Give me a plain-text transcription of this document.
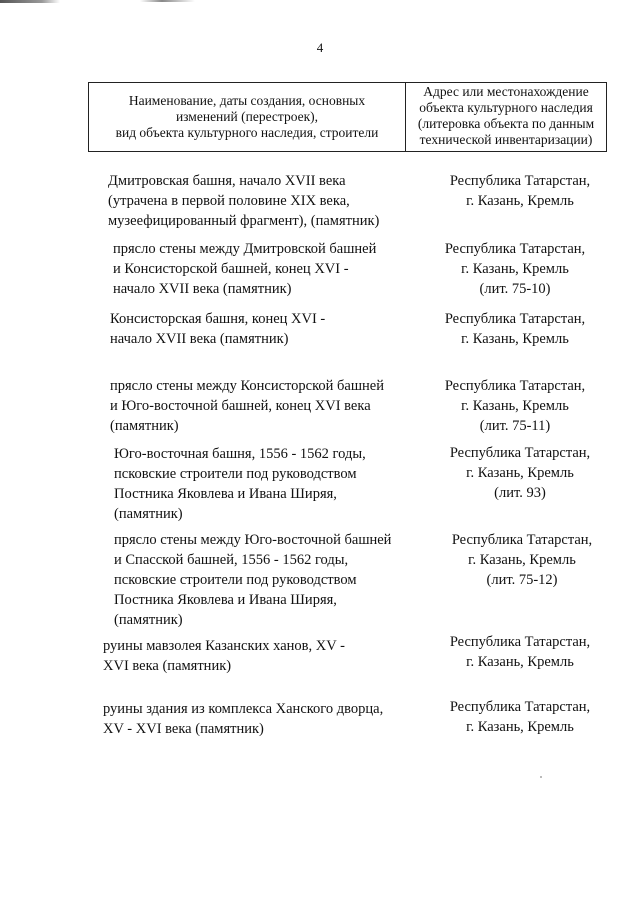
4
Наименование, даты создания, основных
изменений (перестроек),
вид объекта культурного наследия, строители
Адрес или местонахождение
объекта культурного наследия
(литеровка объекта по данным
технической инвентаризации)
Дмитровская башня, начало XVII века
(утрачена в первой половине XIX века,
музеефицированный фрагмент), (памятник)
Республика Татарстан,
г. Казань, Кремль
прясло стены между Дмитровской башней
и Консисторской башней, конец XVI -
начало XVII века (памятник)
Республика Татарстан,
г. Казань, Кремль
(лит. 75-10)
Консисторская башня, конец XVI -
начало XVII века (памятник)
Республика Татарстан,
г. Казань, Кремль
прясло стены между Консисторской башней
и Юго-восточной башней, конец XVI века
(памятник)
Республика Татарстан,
г. Казань, Кремль
(лит. 75-11)
Юго-восточная башня, 1556 - 1562 годы,
псковские строители под руководством
Постника Яковлева и Ивана Ширяя,
(памятник)
Республика Татарстан,
г. Казань, Кремль
(лит. 93)
прясло стены между Юго-восточной башней
и Спасской башней, 1556 - 1562 годы,
псковские строители под руководством
Постника Яковлева и Ивана Ширяя,
(памятник)
Республика Татарстан,
г. Казань, Кремль
(лит. 75-12)
руины мавзолея Казанских ханов, XV -
XVI века (памятник)
Республика Татарстан,
г. Казань, Кремль
руины здания из комплекса Ханского дворца,
XV - XVI века (памятник)
Республика Татарстан,
г. Казань, Кремль
